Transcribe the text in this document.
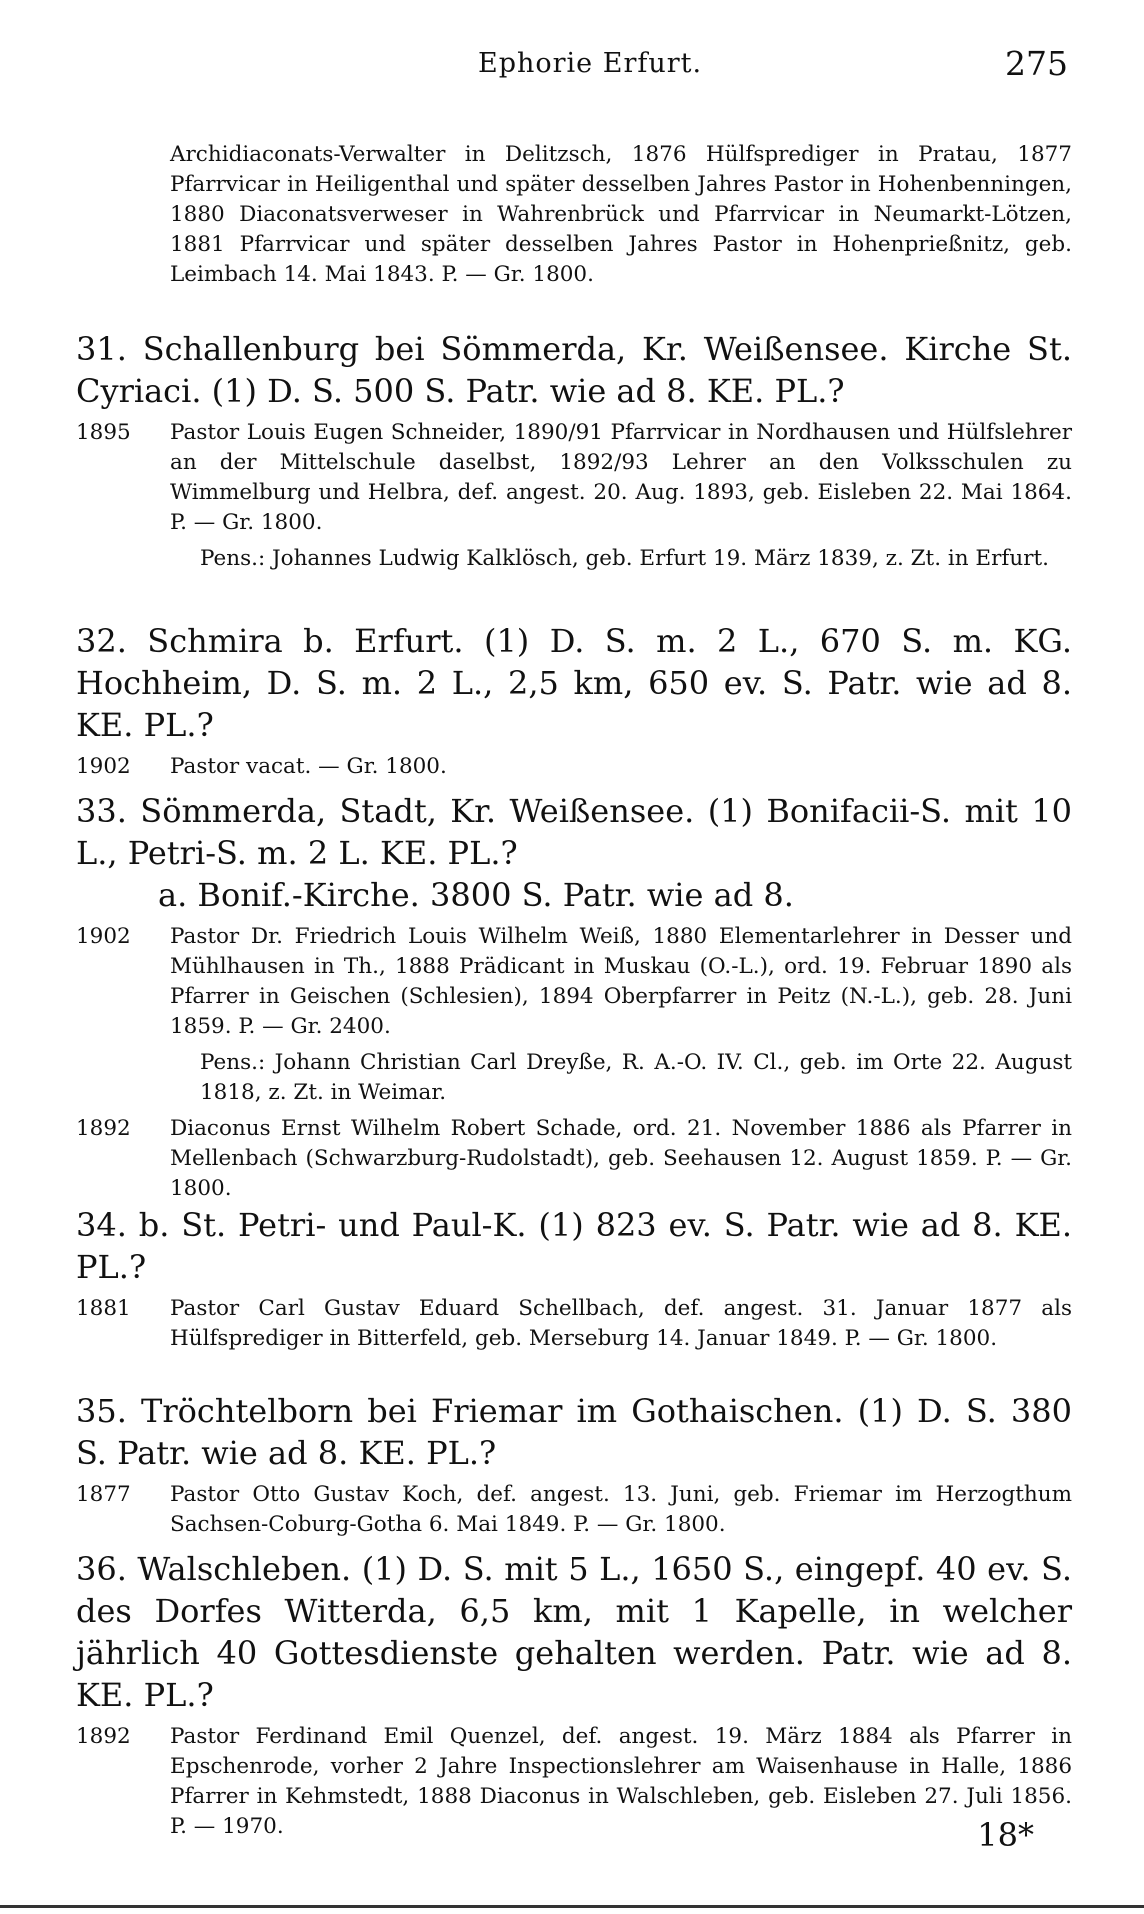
Ephorie Erfurt.	275
Archidiaconats-Verwalter in Delitzsch, 1876 Hülfsprediger in Pratau, 1877 Pfarrvicar in Heiligenthal und später desselben Jahres Pastor in Hohenbenningen, 1880 Diaconatsverweser in Wahrenbrück und Pfarrvicar in Neumarkt-Lötzen, 1881 Pfarrvicar und später desselben Jahres Pastor in Hohenprießnitz, geb. Leimbach 14. Mai 1843. P. — Gr. 1800.
31. Schallenburg bei Sömmerda, Kr. Weißensee. Kirche St. Cyriaci. (1) D. S. 500 S. Patr. wie ad 8. KE. PL.?
1895 Pastor Louis Eugen Schneider, 1890/91 Pfarrvicar in Nordhausen und Hülfslehrer an der Mittelschule daselbst, 1892/93 Lehrer an den Volksschulen zu Wimmelburg und Helbra, def. angest. 20. Aug. 1893, geb. Eisleben 22. Mai 1864. P. — Gr. 1800.
Pens.: Johannes Ludwig Kalklösch, geb. Erfurt 19. März 1839, z. Zt. in Erfurt.
32. Schmira b. Erfurt. (1) D. S. m. 2 L., 670 S. m. KG. Hochheim, D. S. m. 2 L., 2,5 km, 650 ev. S. Patr. wie ad 8. KE. PL.?
1902 Pastor vacat. — Gr. 1800.
33. Sömmerda, Stadt, Kr. Weißensee. (1) Bonifacii-S. mit 10 L., Petri-S. m. 2 L. KE. PL.?
a. Bonif.-Kirche. 3800 S. Patr. wie ad 8.
1902 Pastor Dr. Friedrich Louis Wilhelm Weiß, 1880 Elementarlehrer in Desser und Mühlhausen in Th., 1888 Prädicant in Muskau (O.-L.), ord. 19. Februar 1890 als Pfarrer in Geischen (Schlesien), 1894 Oberpfarrer in Peitz (N.-L.), geb. 28. Juni 1859. P. — Gr. 2400.
Pens.: Johann Christian Carl Dreyße, R. A.-O. IV. Cl., geb. im Orte 22. August 1818, z. Zt. in Weimar.
1892 Diaconus Ernst Wilhelm Robert Schade, ord. 21. November 1886 als Pfarrer in Mellenbach (Schwarzburg-Rudolstadt), geb. Seehausen 12. August 1859. P. — Gr. 1800.
34. b. St. Petri- und Paul-K. (1) 823 ev. S. Patr. wie ad 8. KE. PL.?
1881 Pastor Carl Gustav Eduard Schellbach, def. angest. 31. Januar 1877 als Hülfsprediger in Bitterfeld, geb. Merseburg 14. Januar 1849. P. — Gr. 1800.
35. Tröchtelborn bei Friemar im Gothaischen. (1) D. S. 380 S. Patr. wie ad 8. KE. PL.?
1877 Pastor Otto Gustav Koch, def. angest. 13. Juni, geb. Friemar im Herzogthum Sachsen-Coburg-Gotha 6. Mai 1849. P. — Gr. 1800.
36. Walschleben. (1) D. S. mit 5 L., 1650 S., eingepf. 40 ev. S. des Dorfes Witterda, 6,5 km, mit 1 Kapelle, in welcher jährlich 40 Gottesdienste gehalten werden. Patr. wie ad 8. KE. PL.?
1892 Pastor Ferdinand Emil Quenzel, def. angest. 19. März 1884 als Pfarrer in Epschenrode, vorher 2 Jahre Inspectionslehrer am Waisenhause in Halle, 1886 Pfarrer in Kehmstedt, 1888 Diaconus in Walschleben, geb. Eisleben 27. Juli 1856. P. — 1970.	18*
